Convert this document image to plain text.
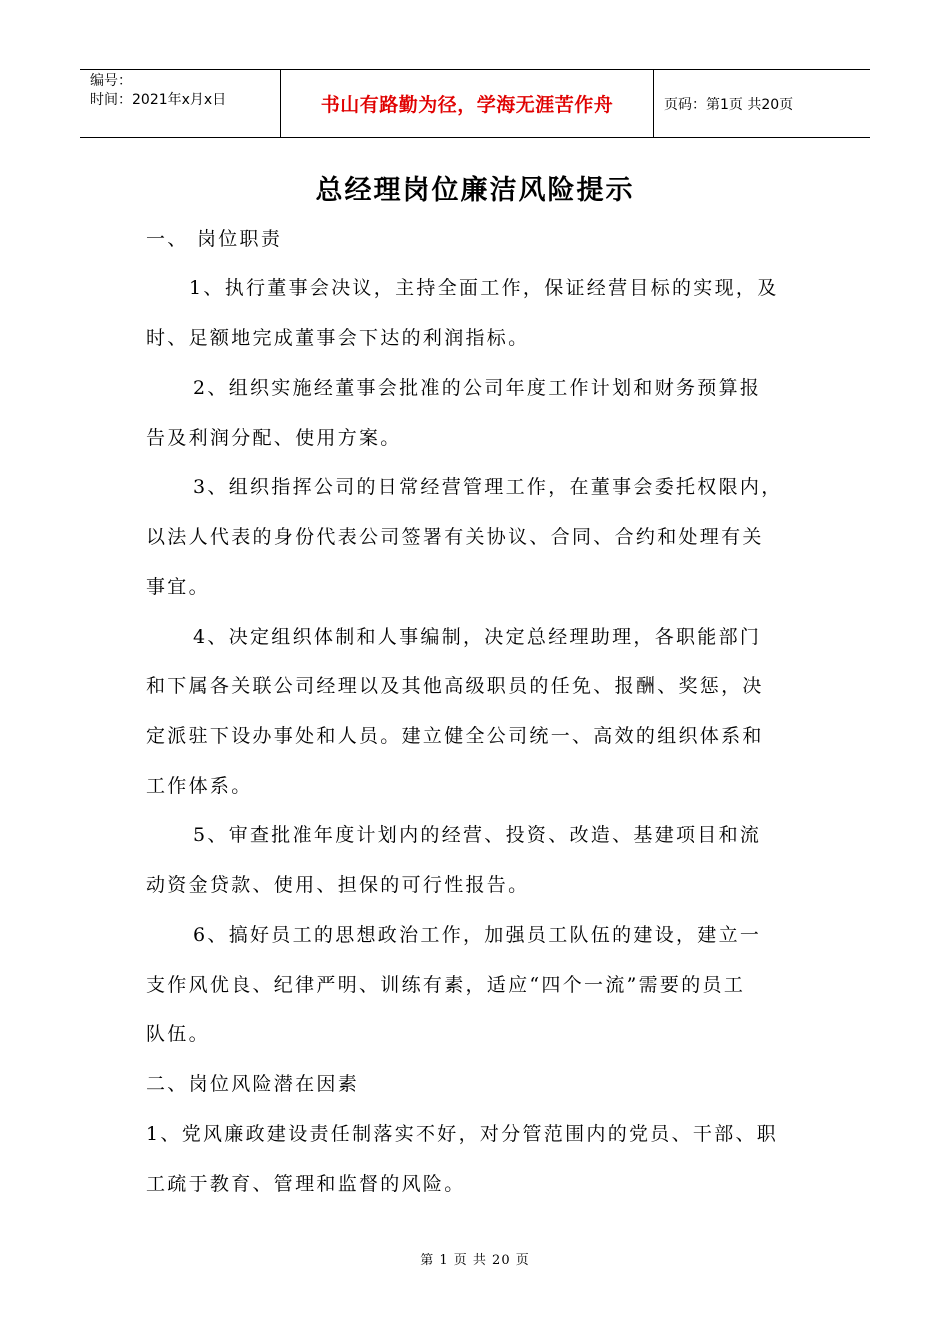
编号：
时间：2021年x月x日	书山有路勤为径，学海无涯苦作舟	页码：第1页 共20页
总经理岗位廉洁风险提示
一、 岗位职责
1、执行董事会决议，主持全面工作，保证经营目标的实现，及
时、足额地完成董事会下达的利润指标。
2、组织实施经董事会批准的公司年度工作计划和财务预算报
告及利润分配、使用方案。
3、组织指挥公司的日常经营管理工作，在董事会委托权限内，
以法人代表的身份代表公司签署有关协议、合同、合约和处理有关
事宜。
4、决定组织体制和人事编制，决定总经理助理，各职能部门
和下属各关联公司经理以及其他高级职员的任免、报酬、奖惩，决
定派驻下设办事处和人员。建立健全公司统一、高效的组织体系和
工作体系。
5、审查批准年度计划内的经营、投资、改造、基建项目和流
动资金贷款、使用、担保的可行性报告。
6、搞好员工的思想政治工作，加强员工队伍的建设，建立一
支作风优良、纪律严明、训练有素，适应“四个一流”需要的员工
队伍。
二、岗位风险潜在因素
1、党风廉政建设责任制落实不好，对分管范围内的党员、干部、职
工疏于教育、管理和监督的风险。
第 1 页 共 20 页
